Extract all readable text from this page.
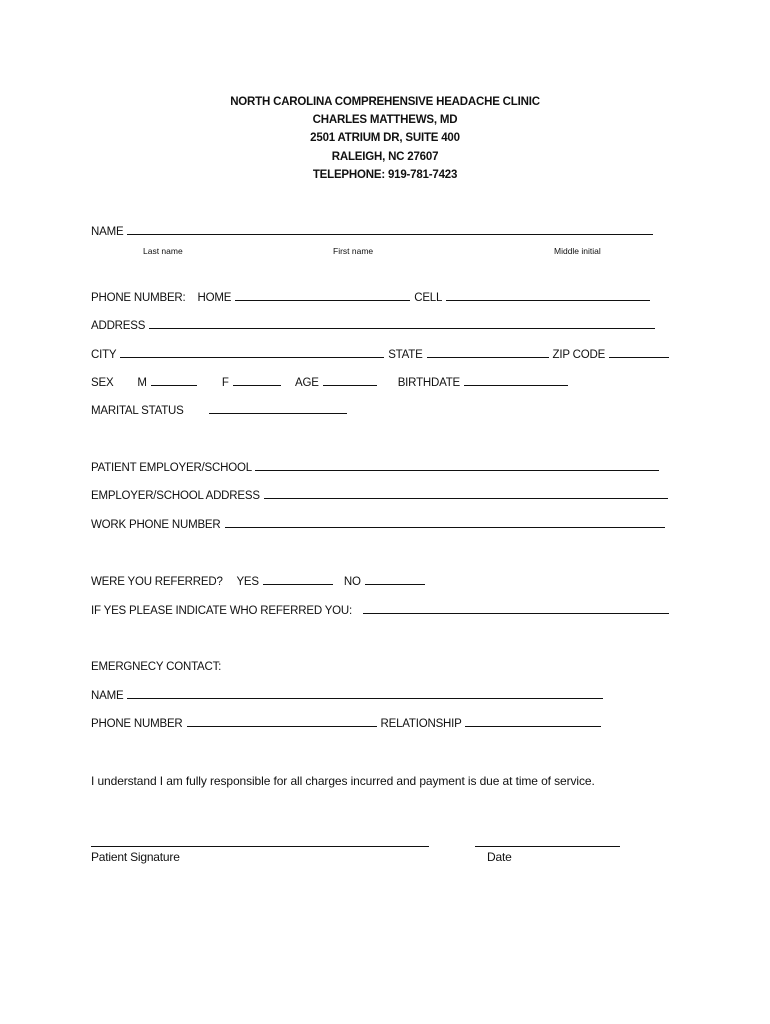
NORTH CAROLINA COMPREHENSIVE HEADACHE CLINIC
CHARLES MATTHEWS, MD
2501 ATRIUM DR, SUITE 400
RALEIGH, NC 27607
TELEPHONE: 919-781-7423
NAME
Last name	First name	Middle initial
PHONE NUMBER: HOME	CELL
ADDRESS
CITY	STATE	ZIP CODE
SEX M	F	AGE	BIRTHDATE
MARITAL STATUS
PATIENT EMPLOYER/SCHOOL
EMPLOYER/SCHOOL ADDRESS
WORK PHONE NUMBER
WERE YOU REFERRED? YES	NO
IF YES PLEASE INDICATE WHO REFERRED YOU:
EMERGNECY CONTACT:
NAME
PHONE NUMBER	RELATIONSHIP
I understand I am fully responsible for all charges incurred and payment is due at time of service.
Patient Signature	Date
